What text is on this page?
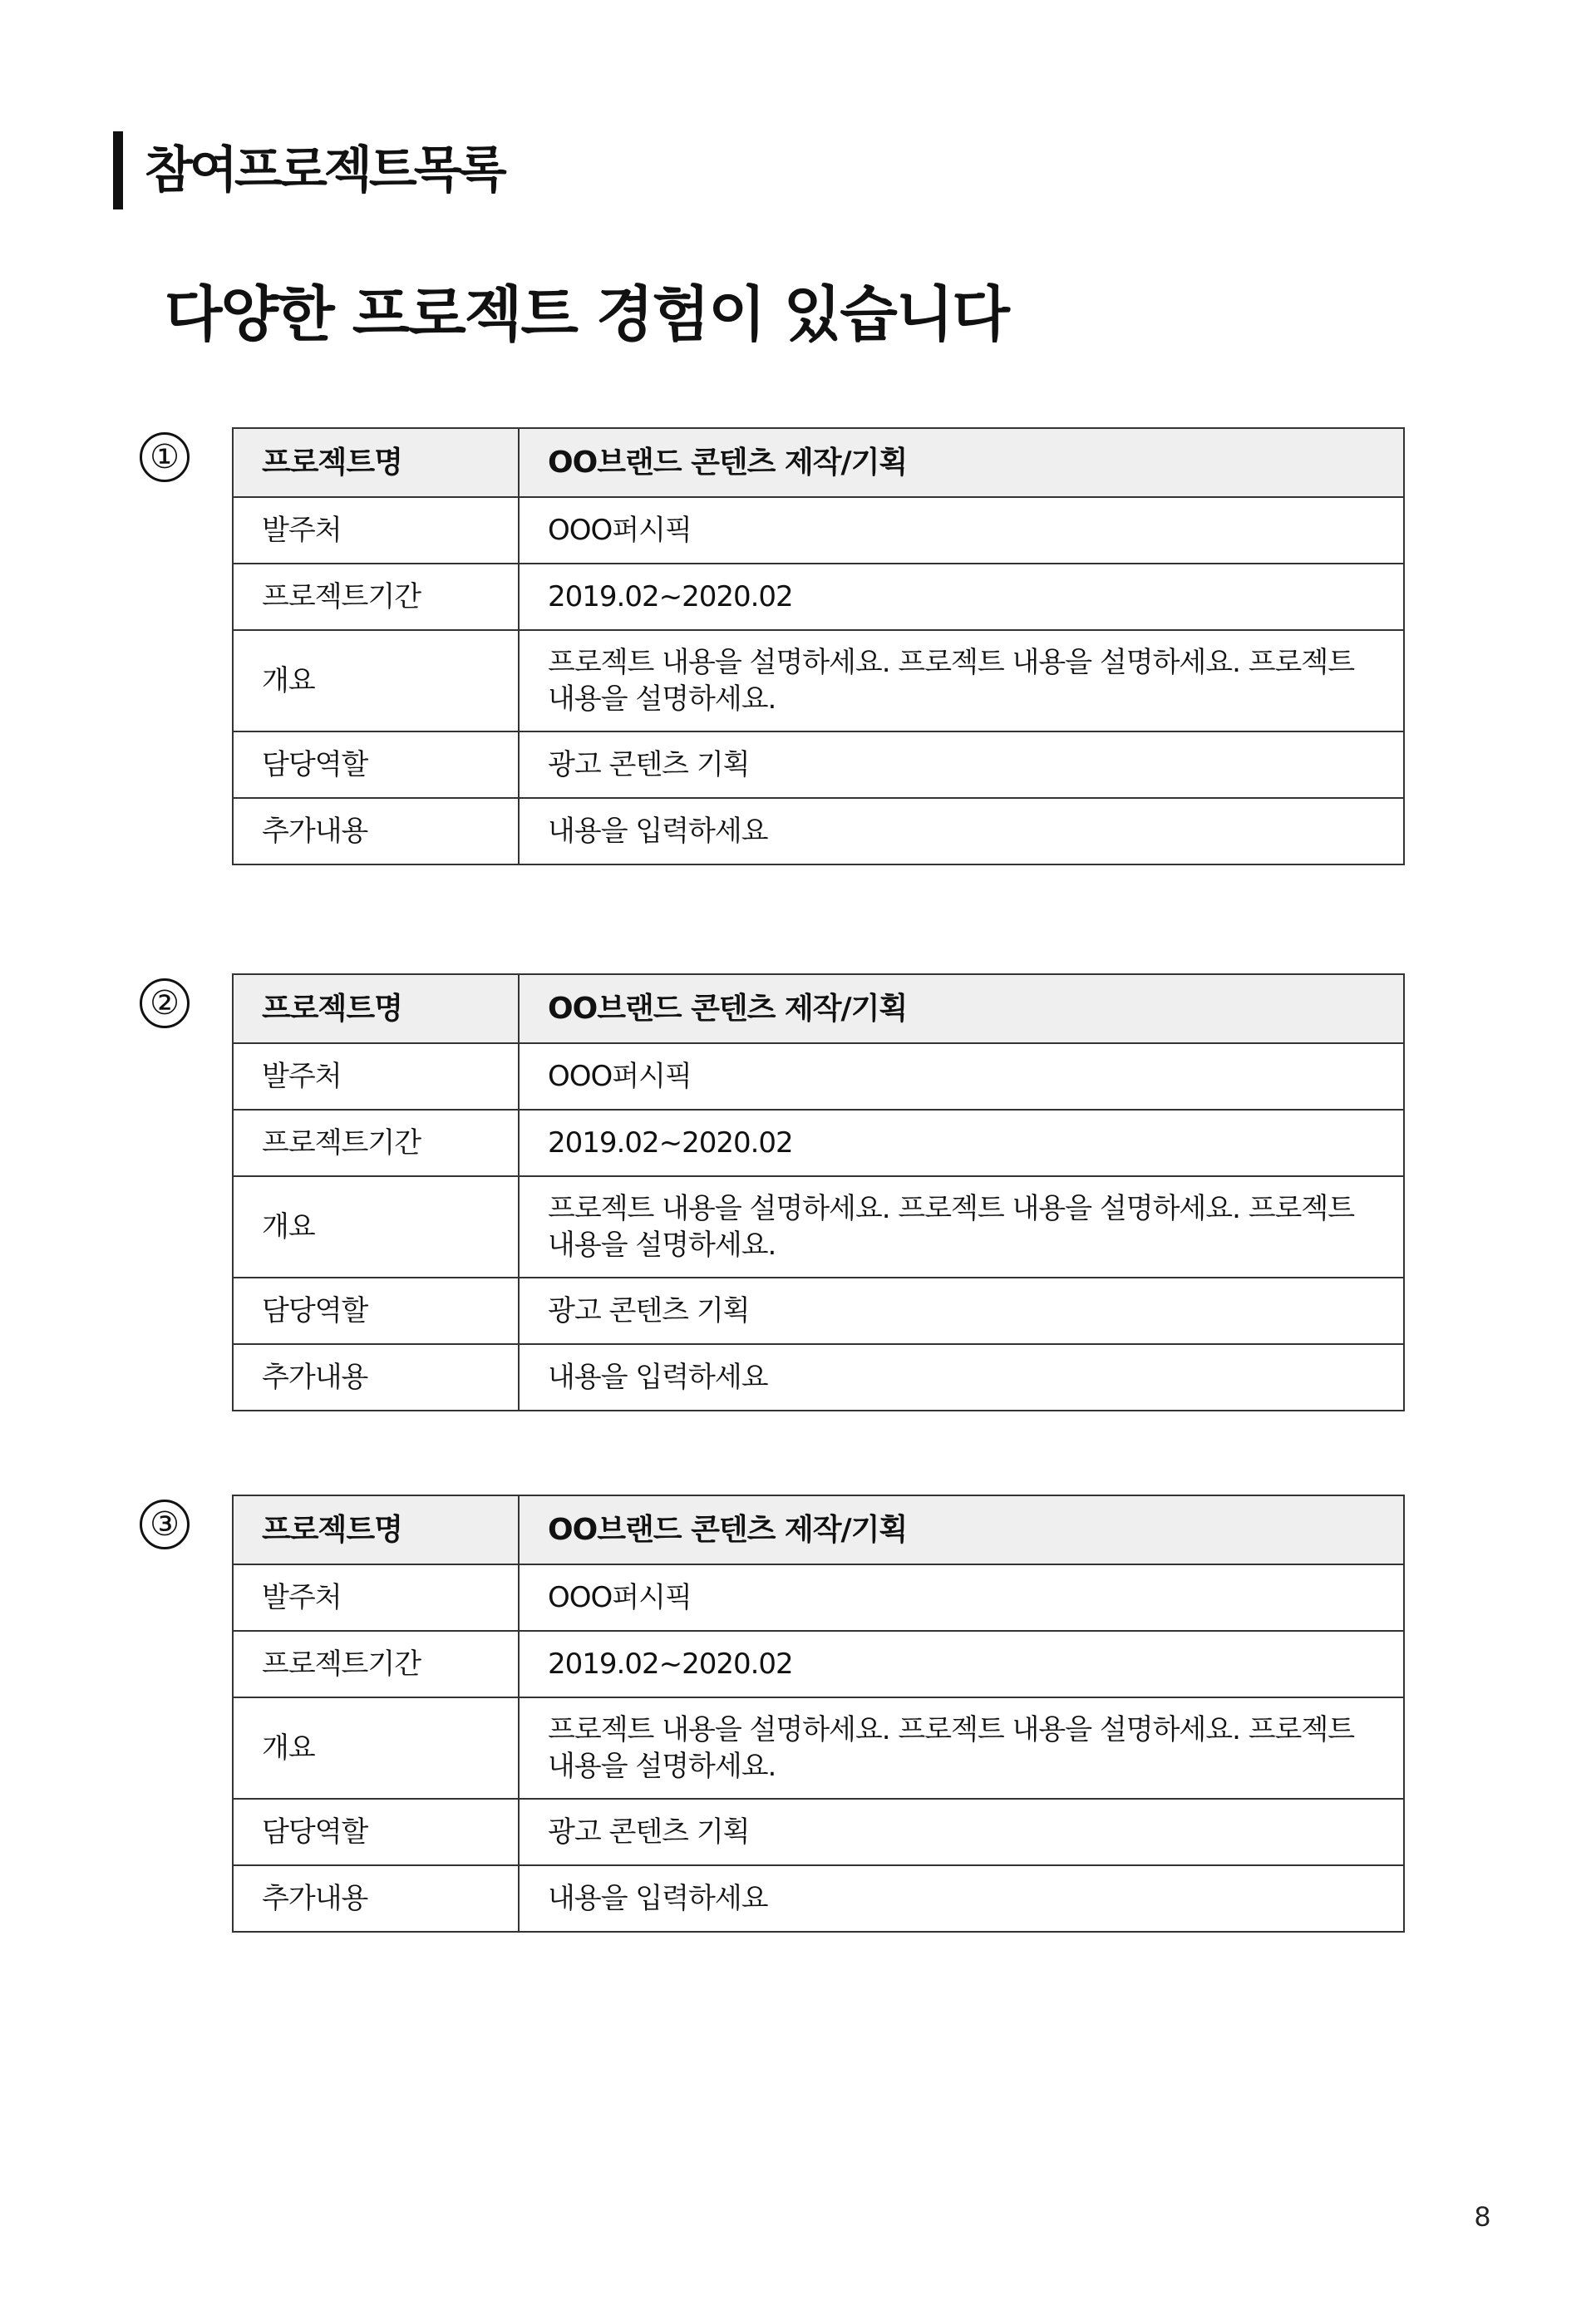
참여프로젝트목록
다양한 프로젝트 경험이 있습니다
①	프로젝트명	OO브랜드 콘텐츠 제작/기획
발주처	OOO퍼시픽
프로젝트기간	2019.02~2020.02
개요	프로젝트 내용을 설명하세요. 프로젝트 내용을 설명하세요. 프로젝트 내용을 설명하세요.
담당역할	광고 콘텐츠 기획
추가내용	내용을 입력하세요
②	프로젝트명	OO브랜드 콘텐츠 제작/기획
발주처	OOO퍼시픽
프로젝트기간	2019.02~2020.02
개요	프로젝트 내용을 설명하세요. 프로젝트 내용을 설명하세요. 프로젝트 내용을 설명하세요.
담당역할	광고 콘텐츠 기획
추가내용	내용을 입력하세요
③	프로젝트명	OO브랜드 콘텐츠 제작/기획
발주처	OOO퍼시픽
프로젝트기간	2019.02~2020.02
개요	프로젝트 내용을 설명하세요. 프로젝트 내용을 설명하세요. 프로젝트 내용을 설명하세요.
담당역할	광고 콘텐츠 기획
추가내용	내용을 입력하세요
8
